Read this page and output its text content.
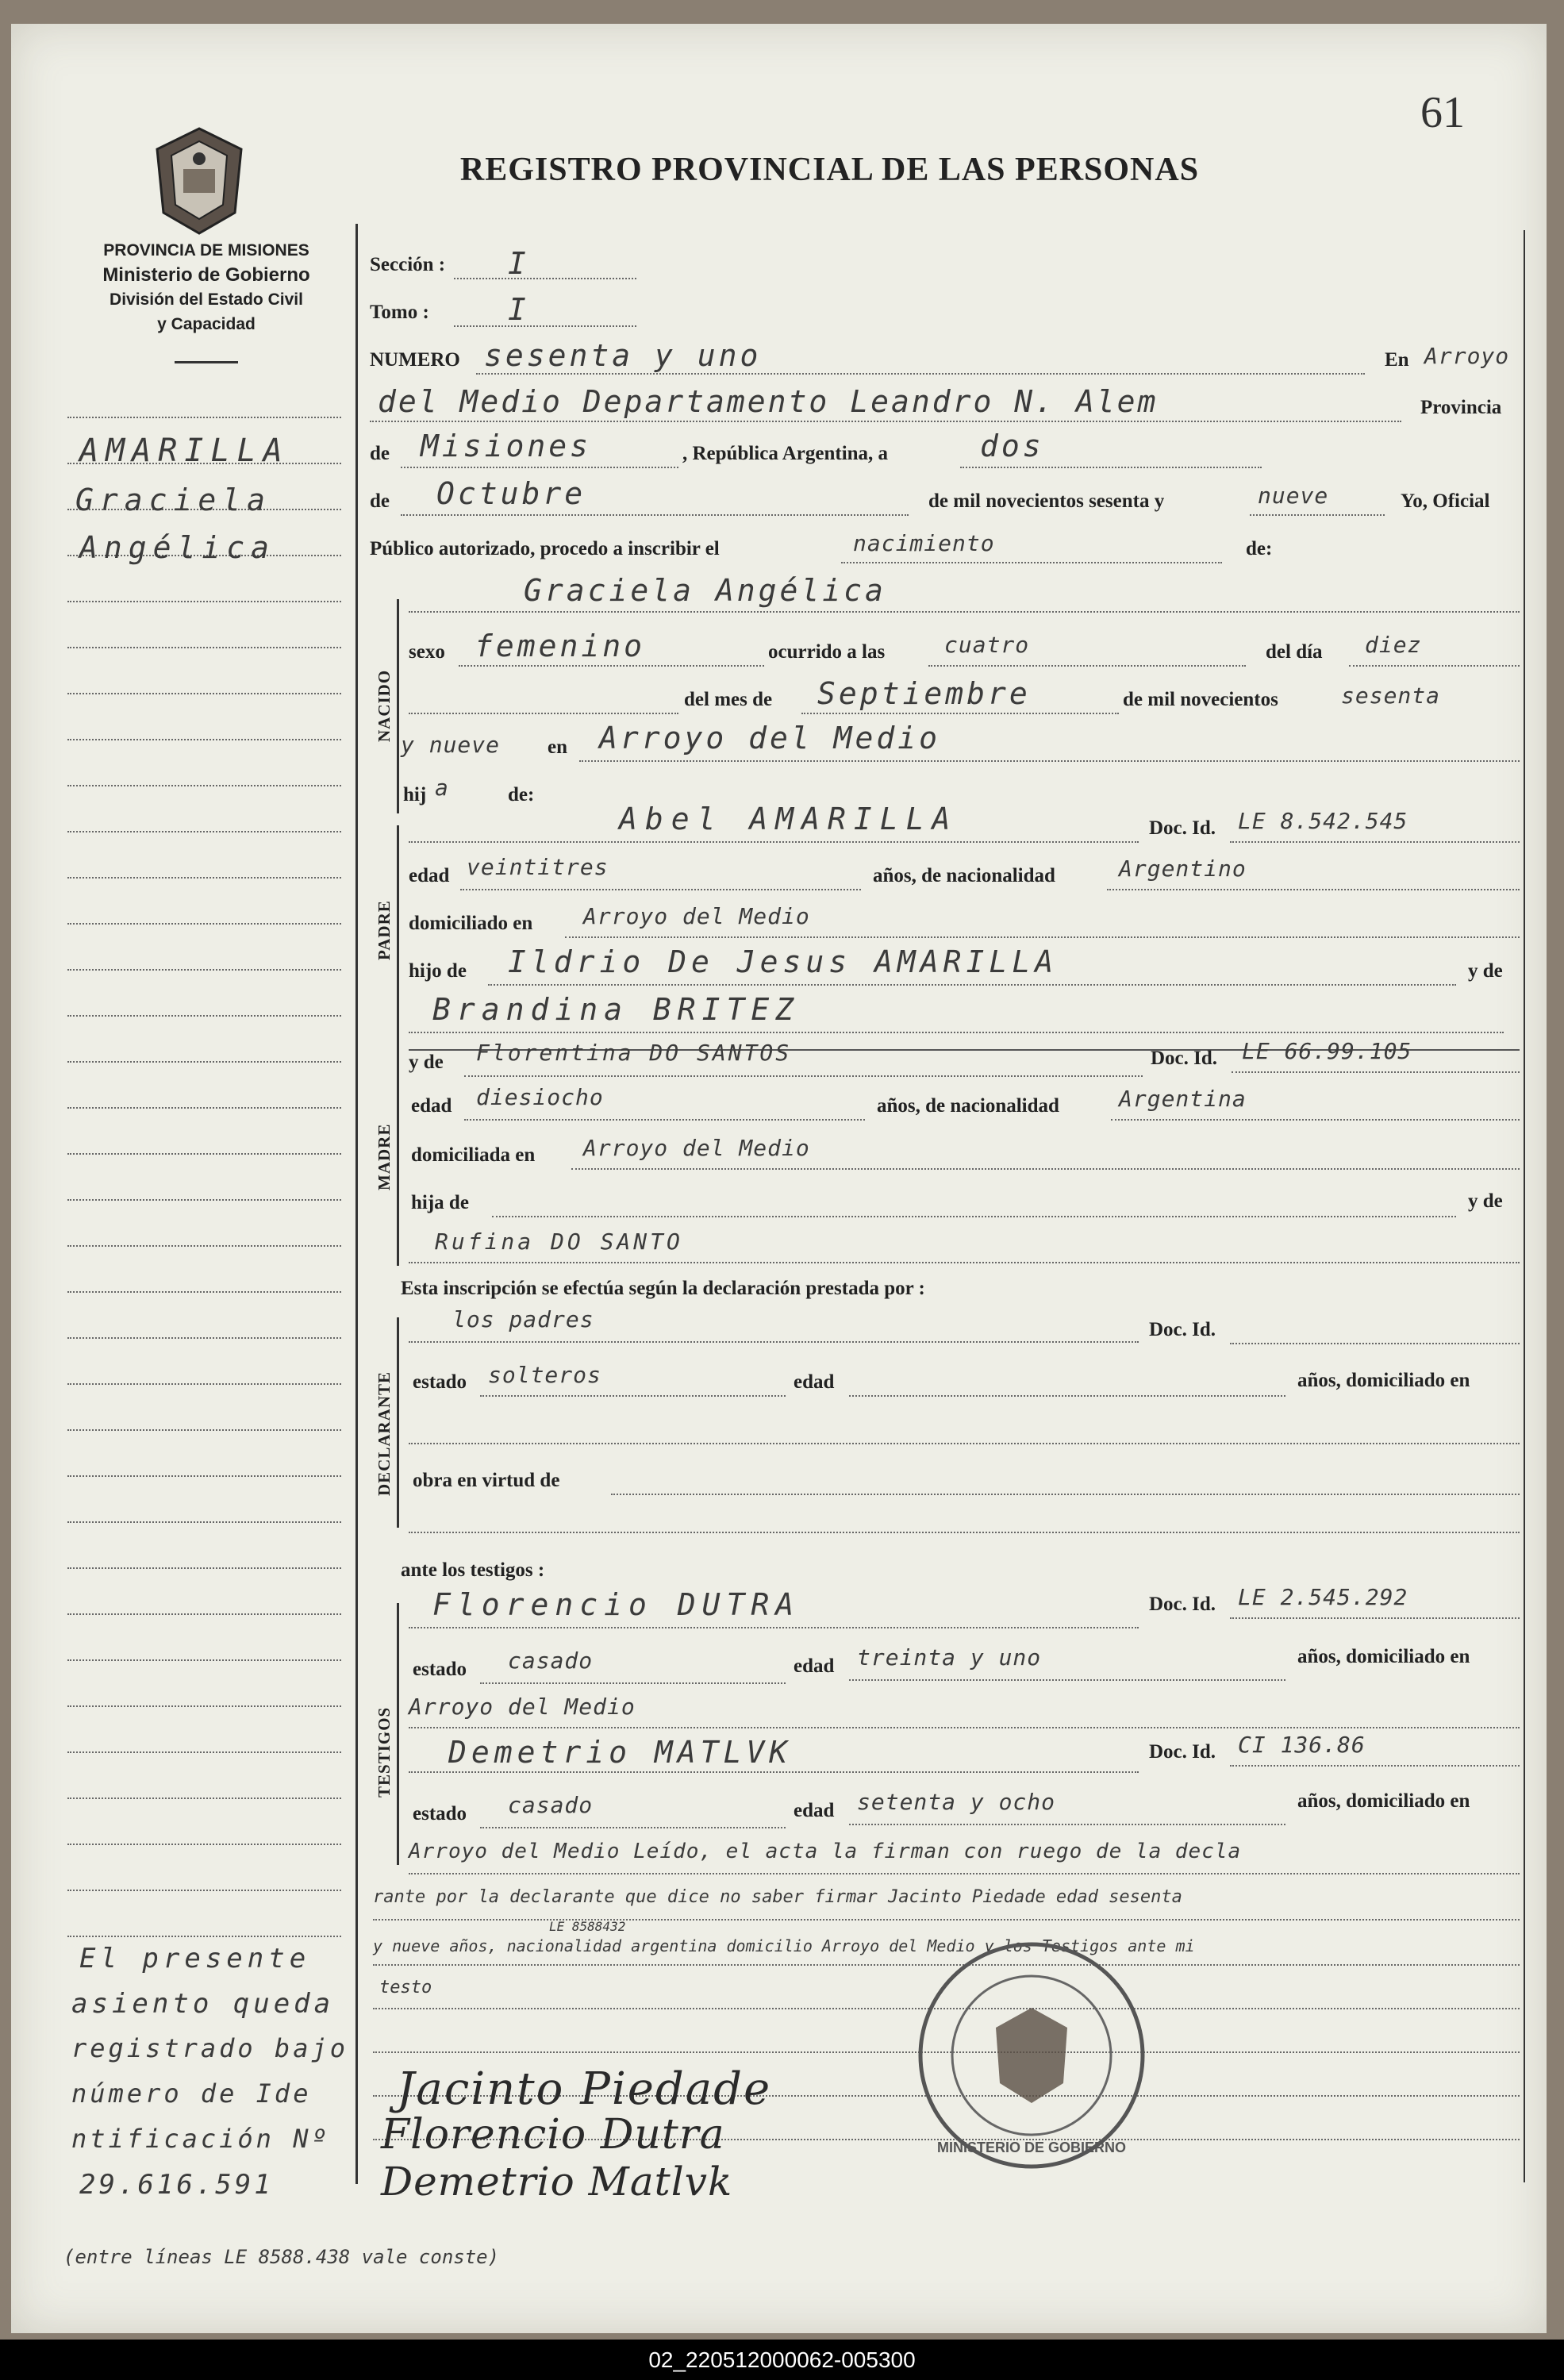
61
REGISTRO PROVINCIAL DE LAS PERSONAS
PROVINCIA DE MISIONES
Ministerio de Gobierno
División del Estado Civil
y Capacidad
AMARILLA
Graciela
Angélica
El presente
asiento queda
registrado bajo
número de Ide
ntificación Nº
29.616.591
(entre líneas LE 8588.438 vale conste)
Sección : I
Tomo :	I
NUMERO sesenta y uno	En Arroyo
del Medio Departamento Leandro N. Alem	Provincia
de Misiones	, República Argentina, a	dos
de Octubre	de mil novecientos sesenta y	nueve	Yo, Oficial
Público autorizado, procedo a inscribir el	nacimiento	de:
NACIDO
Graciela Angélica
sexo femenino	ocurrido a las	cuatro	del día diez
del mes de Septiembre	de mil novecientos	sesenta
y nueve en Arroyo del Medio
hij a	de:
PADRE
Abel AMARILLA	Doc. Id. LE 8.542.545
edad veintitres	años, de nacionalidad	Argentino
domiciliado en Arroyo del Medio
hijo de Ildrio De Jesus AMARILLA	y de
Brandina BRITEZ
MADRE
y de Florentina DO SANTOS	Doc. Id. LE 66.99.105
edad diesiocho	años, de nacionalidad	Argentina
domiciliada en Arroyo del Medio
hija de	y de
Rufina DO SANTO
Esta inscripción se efectúa según la declaración prestada por :
DECLARANTE
los padres	Doc. Id.
estado solteros	edad	años, domiciliado en
obra en virtud de
ante los testigos :
TESTIGOS
Florencio DUTRA	Doc. Id. LE 2.545.292
estado casado	edad treinta y uno	años, domiciliado en
Arroyo del Medio
Demetrio MATLVK	Doc. Id. CI 136.86
estado casado	edad setenta y ocho	años, domiciliado en
Arroyo del Medio Leído, el acta la firman con ruego de la decla
rante por la declarante que dice no saber firmar Jacinto Piedade edad sesenta
LE 8588432
y nueve años, nacionalidad argentina domicilio Arroyo del Medio y los Testigos ante mi
testo
Jacinto Piedade
Florencio Dutra
Demetrio Matlvk
MINISTERIO DE GOBIERNO
02_220512000062-005300
